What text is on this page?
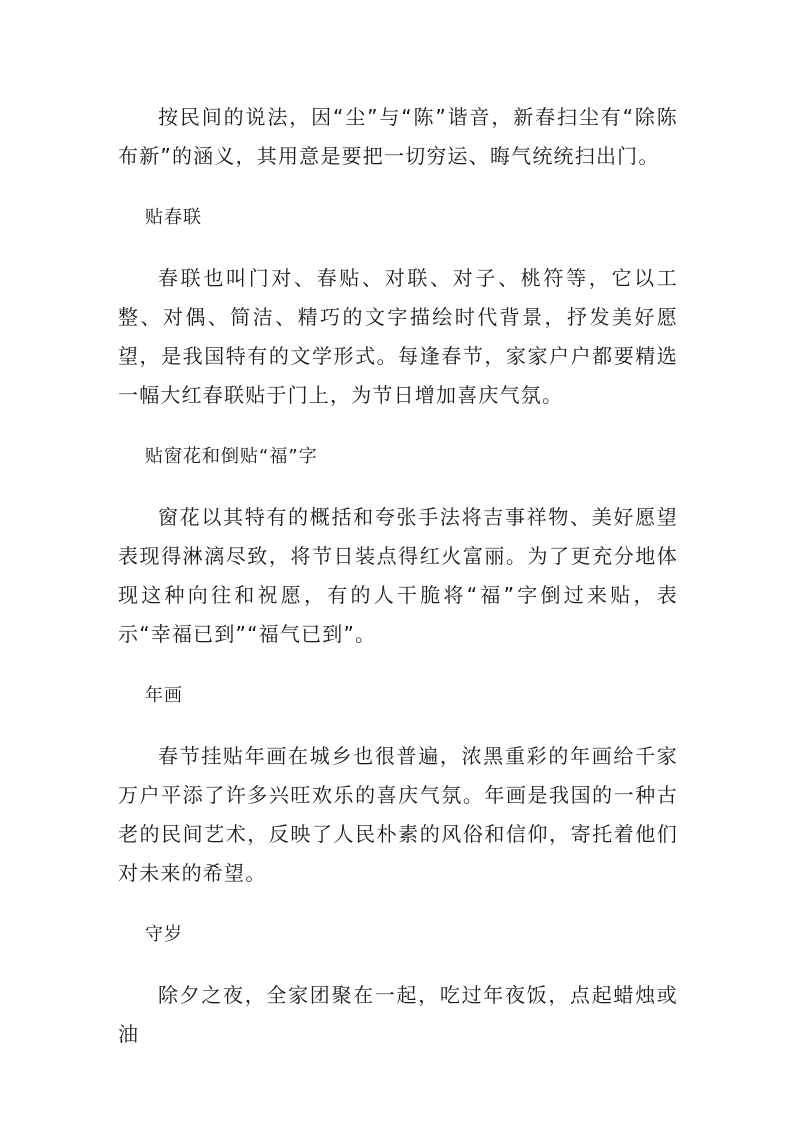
按民间的说法，因“尘”与“陈”谐音，新春扫尘有“除陈布新”的涵义，其用意是要把一切穷运、晦气统统扫出门。

贴春联

春联也叫门对、春贴、对联、对子、桃符等，它以工整、对偶、简洁、精巧的文字描绘时代背景，抒发美好愿望，是我国特有的文学形式。每逢春节，家家户户都要精选一幅大红春联贴于门上，为节日增加喜庆气氛。

贴窗花和倒贴“福”字

窗花以其特有的概括和夸张手法将吉事祥物、美好愿望表现得淋漓尽致，将节日装点得红火富丽。为了更充分地体现这种向往和祝愿，有的人干脆将“福”字倒过来贴，表示“幸福已到”“福气已到”。

年画

春节挂贴年画在城乡也很普遍，浓黑重彩的年画给千家万户平添了许多兴旺欢乐的喜庆气氛。年画是我国的一种古老的民间艺术，反映了人民朴素的风俗和信仰，寄托着他们对未来的希望。

守岁

除夕之夜，全家团聚在一起，吃过年夜饭，点起蜡烛或油
